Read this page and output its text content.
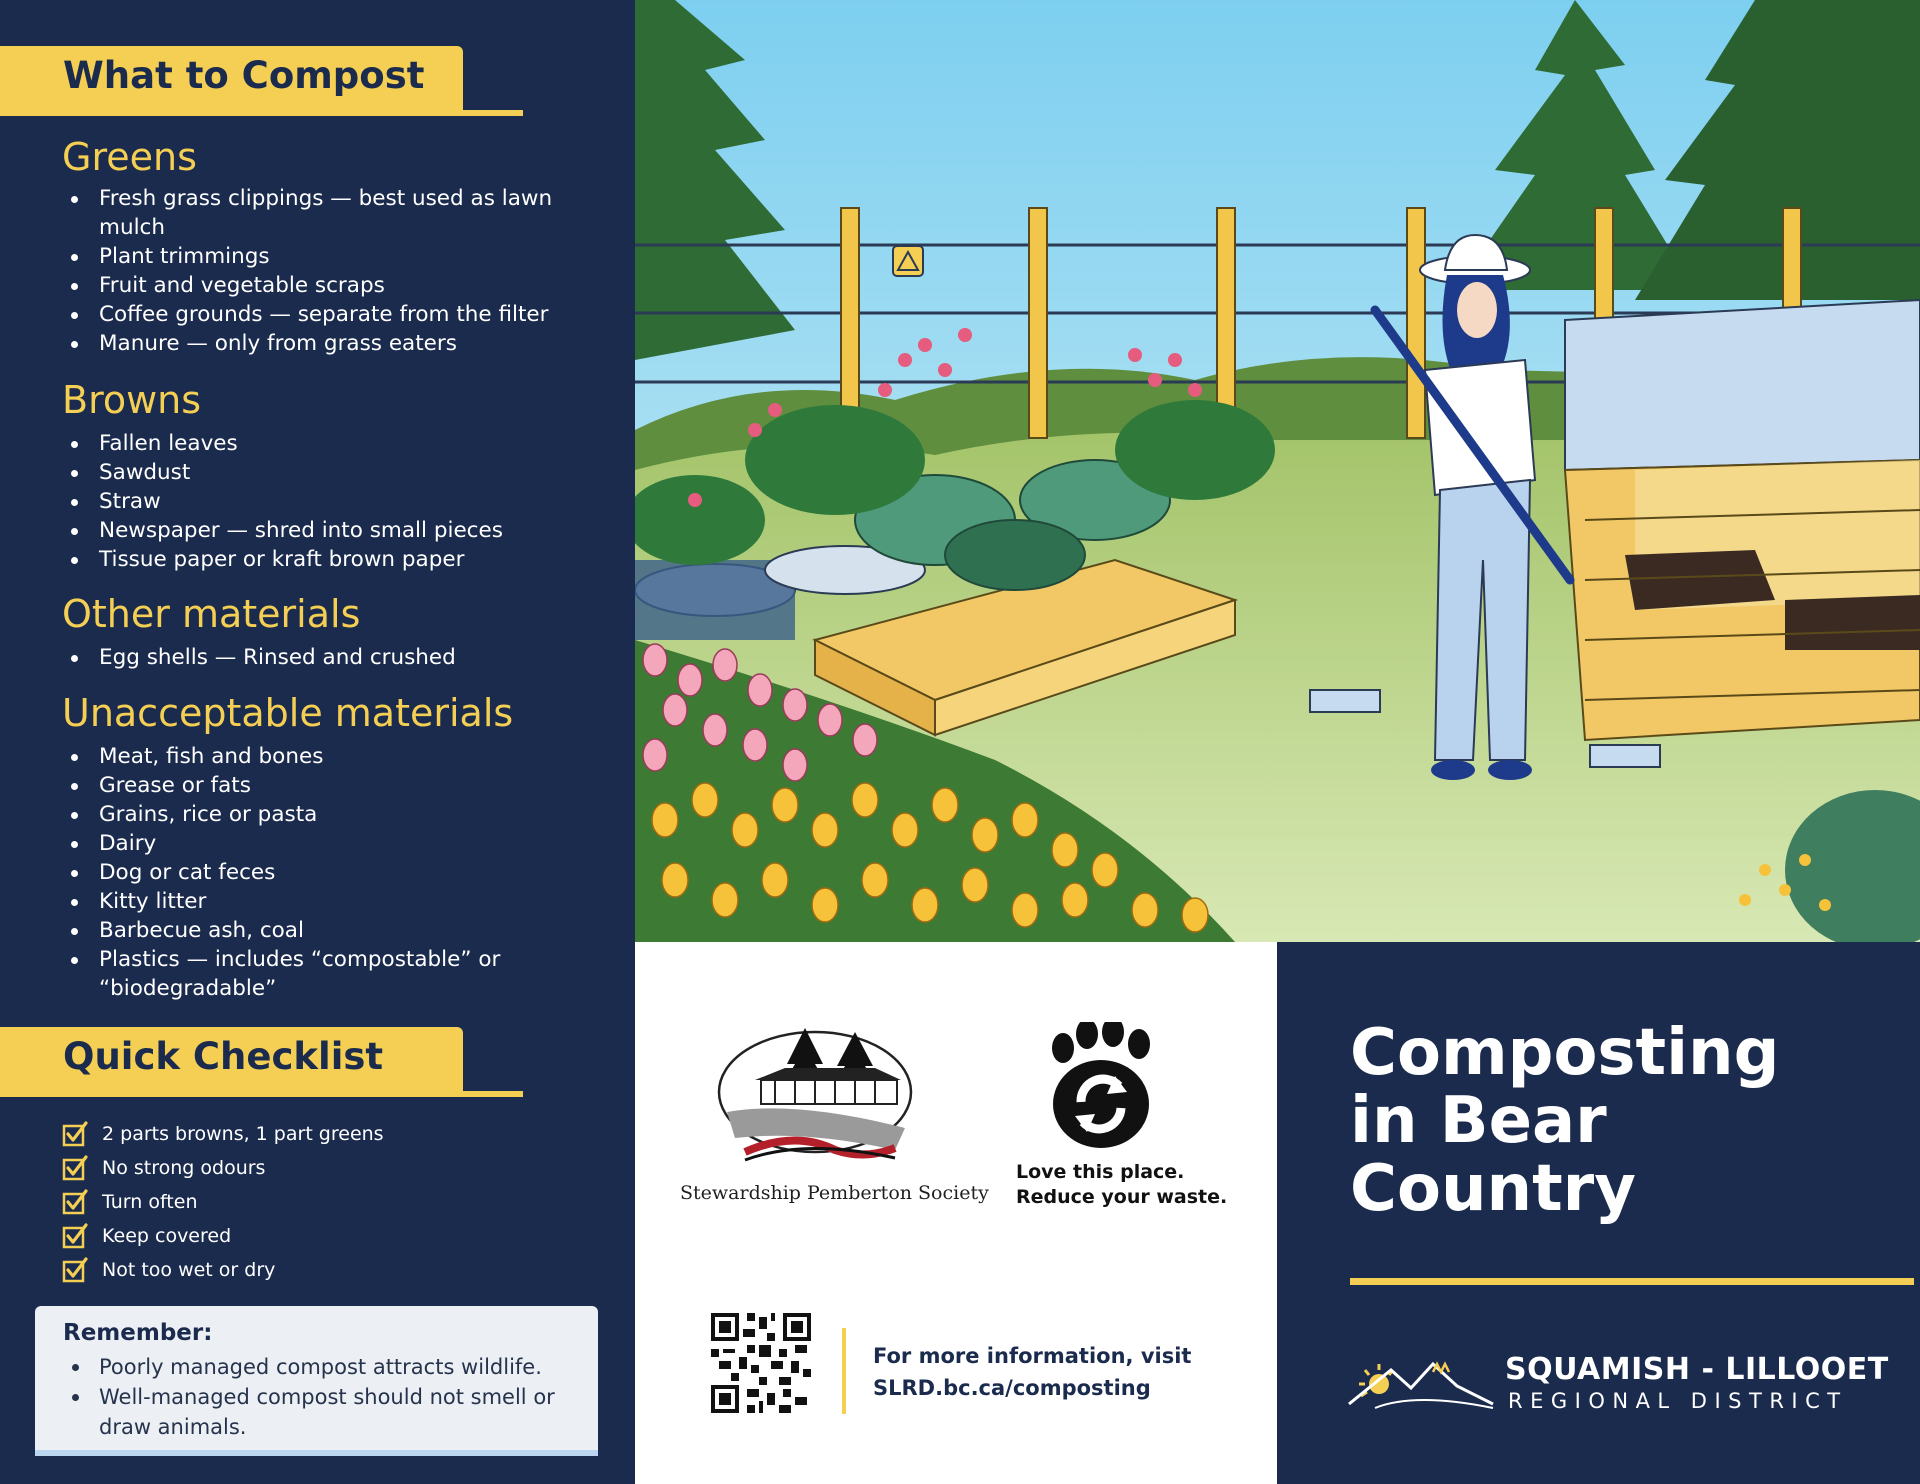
What to Compost
Greens
Fresh grass clippings — best used as lawn mulch
Plant trimmings
Fruit and vegetable scraps
Coffee grounds — separate from the filter
Manure — only from grass eaters
Browns
Fallen leaves
Sawdust
Straw
Newspaper — shred into small pieces
Tissue paper or kraft brown paper
Other materials
Egg shells — Rinsed and crushed
Unacceptable materials
Meat, fish and bones
Grease or fats
Grains, rice or pasta
Dairy
Dog or cat feces
Kitty litter
Barbecue ash, coal
Plastics — includes “compostable” or “biodegradable”
Quick Checklist
2 parts browns, 1 part greens
No strong odours
Turn often
Keep covered
Not too wet or dry
Remember:
Poorly managed compost attracts wildlife.
Well-managed compost should not smell or draw animals.
Stewardship Pemberton Society
Love this place.
Reduce your waste.
For more information, visit
SLRD.bc.ca/composting
Composting
in Bear
Country
SQUAMISH - LILLOOET
REGIONAL DISTRICT
